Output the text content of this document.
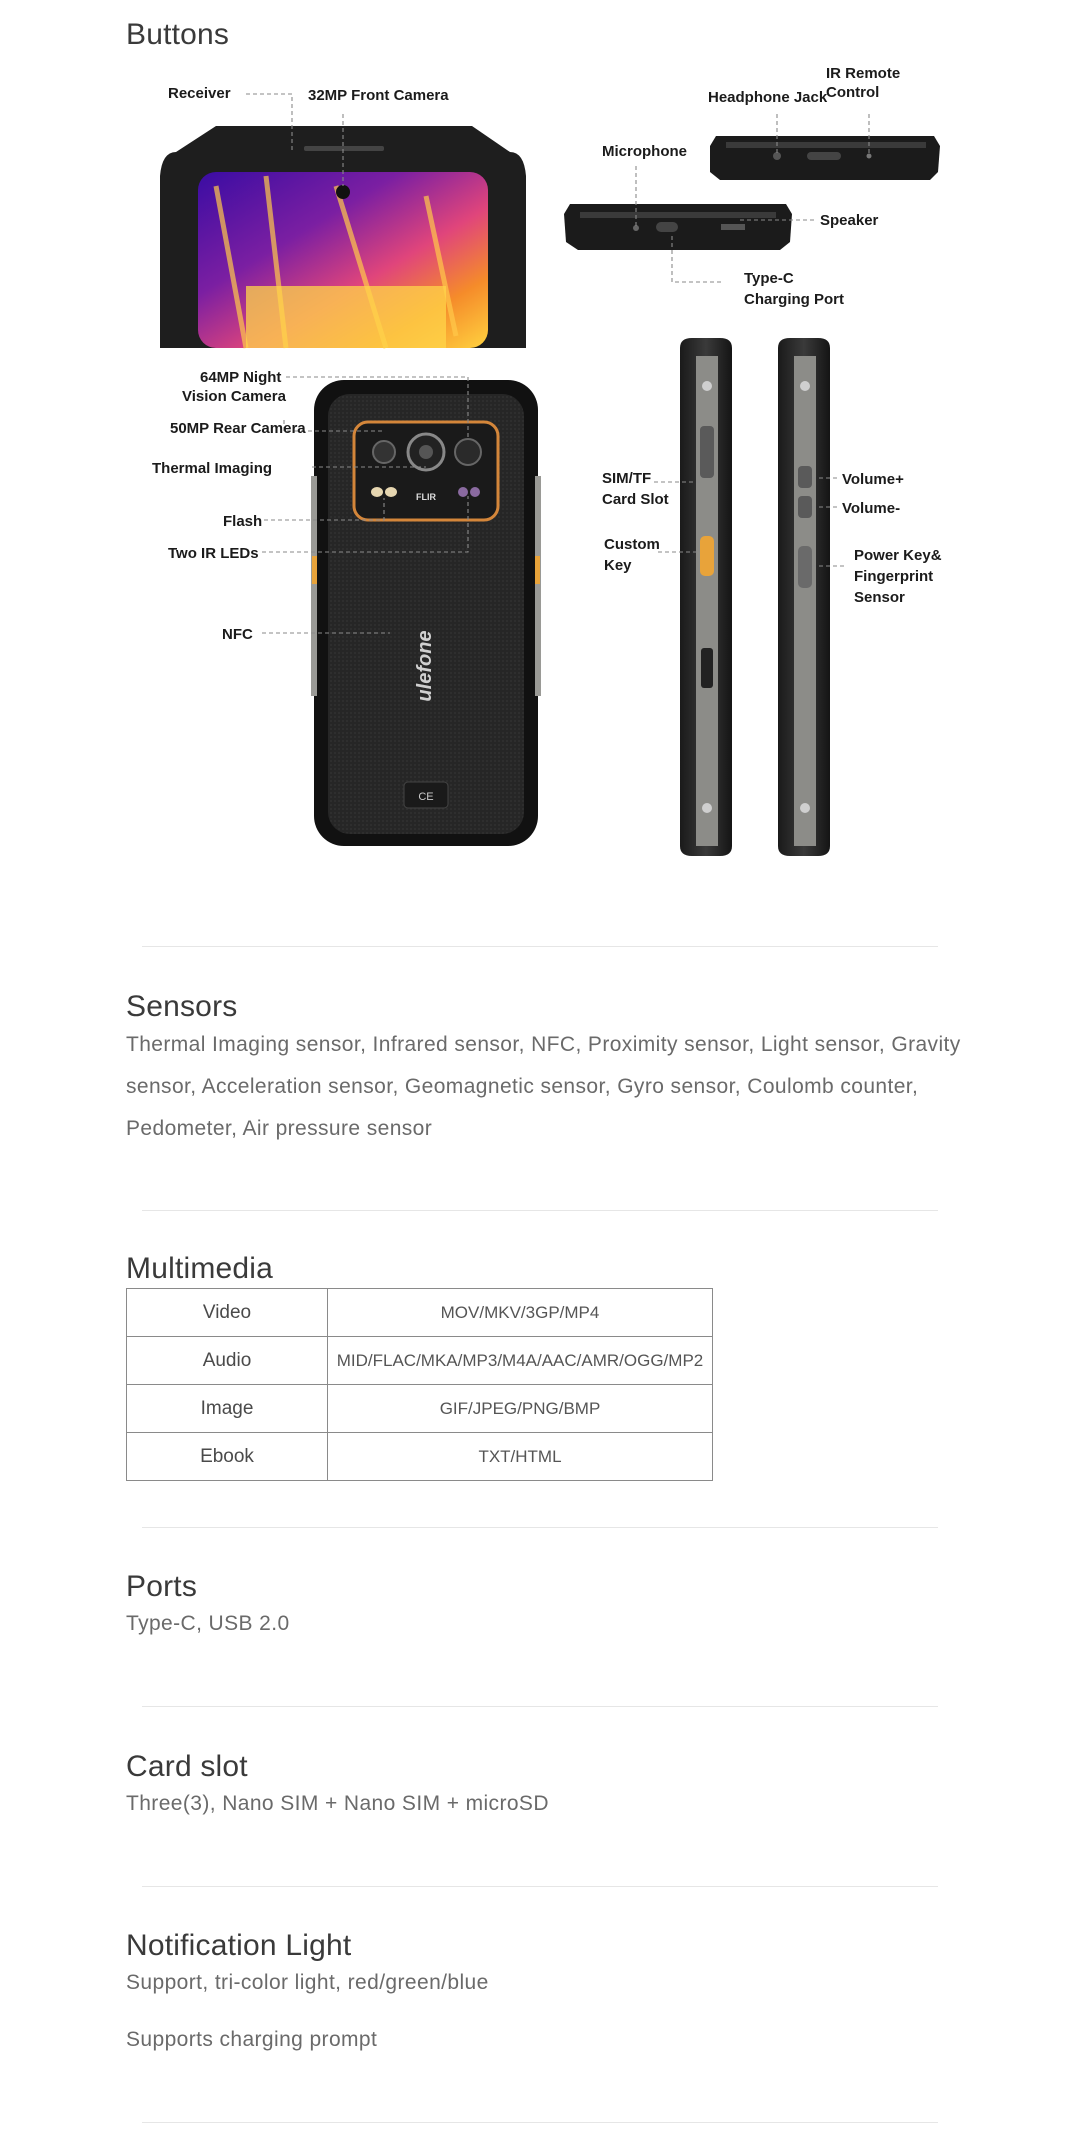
Buttons
FLIR
ulefone
CE
Receiver	32MP Front Camera	Headphone Jack
IR Remote
Control
Microphone
Speaker
Type-C
Charging Port
64MP Night
Vision Camera
50MP Rear Camera
Thermal Imaging
Flash
Two IR LEDs
NFC
SIM/TF
Card Slot
Custom
Key
Volume+
Volume-
Power Key&
Fingerprint
Sensor
Sensors

Thermal Imaging sensor, Infrared sensor, NFC, Proximity sensor, Light sensor, Gravity sensor, Acceleration sensor, Geomagnetic sensor, Gyro sensor, Coulomb counter, Pedometer, Air pressure sensor

Multimedia
Video	MOV/MKV/3GP/MP4
Audio	MID/FLAC/MKA/MP3/M4A/AAC/AMR/OGG/MP2
Image	GIF/JPEG/PNG/BMP
Ebook	TXT/HTML
Ports

Type-C, USB 2.0

Card slot

Three(3), Nano SIM + Nano SIM + microSD

Notification Light

Support, tri-color light, red/green/blue

Supports charging prompt
